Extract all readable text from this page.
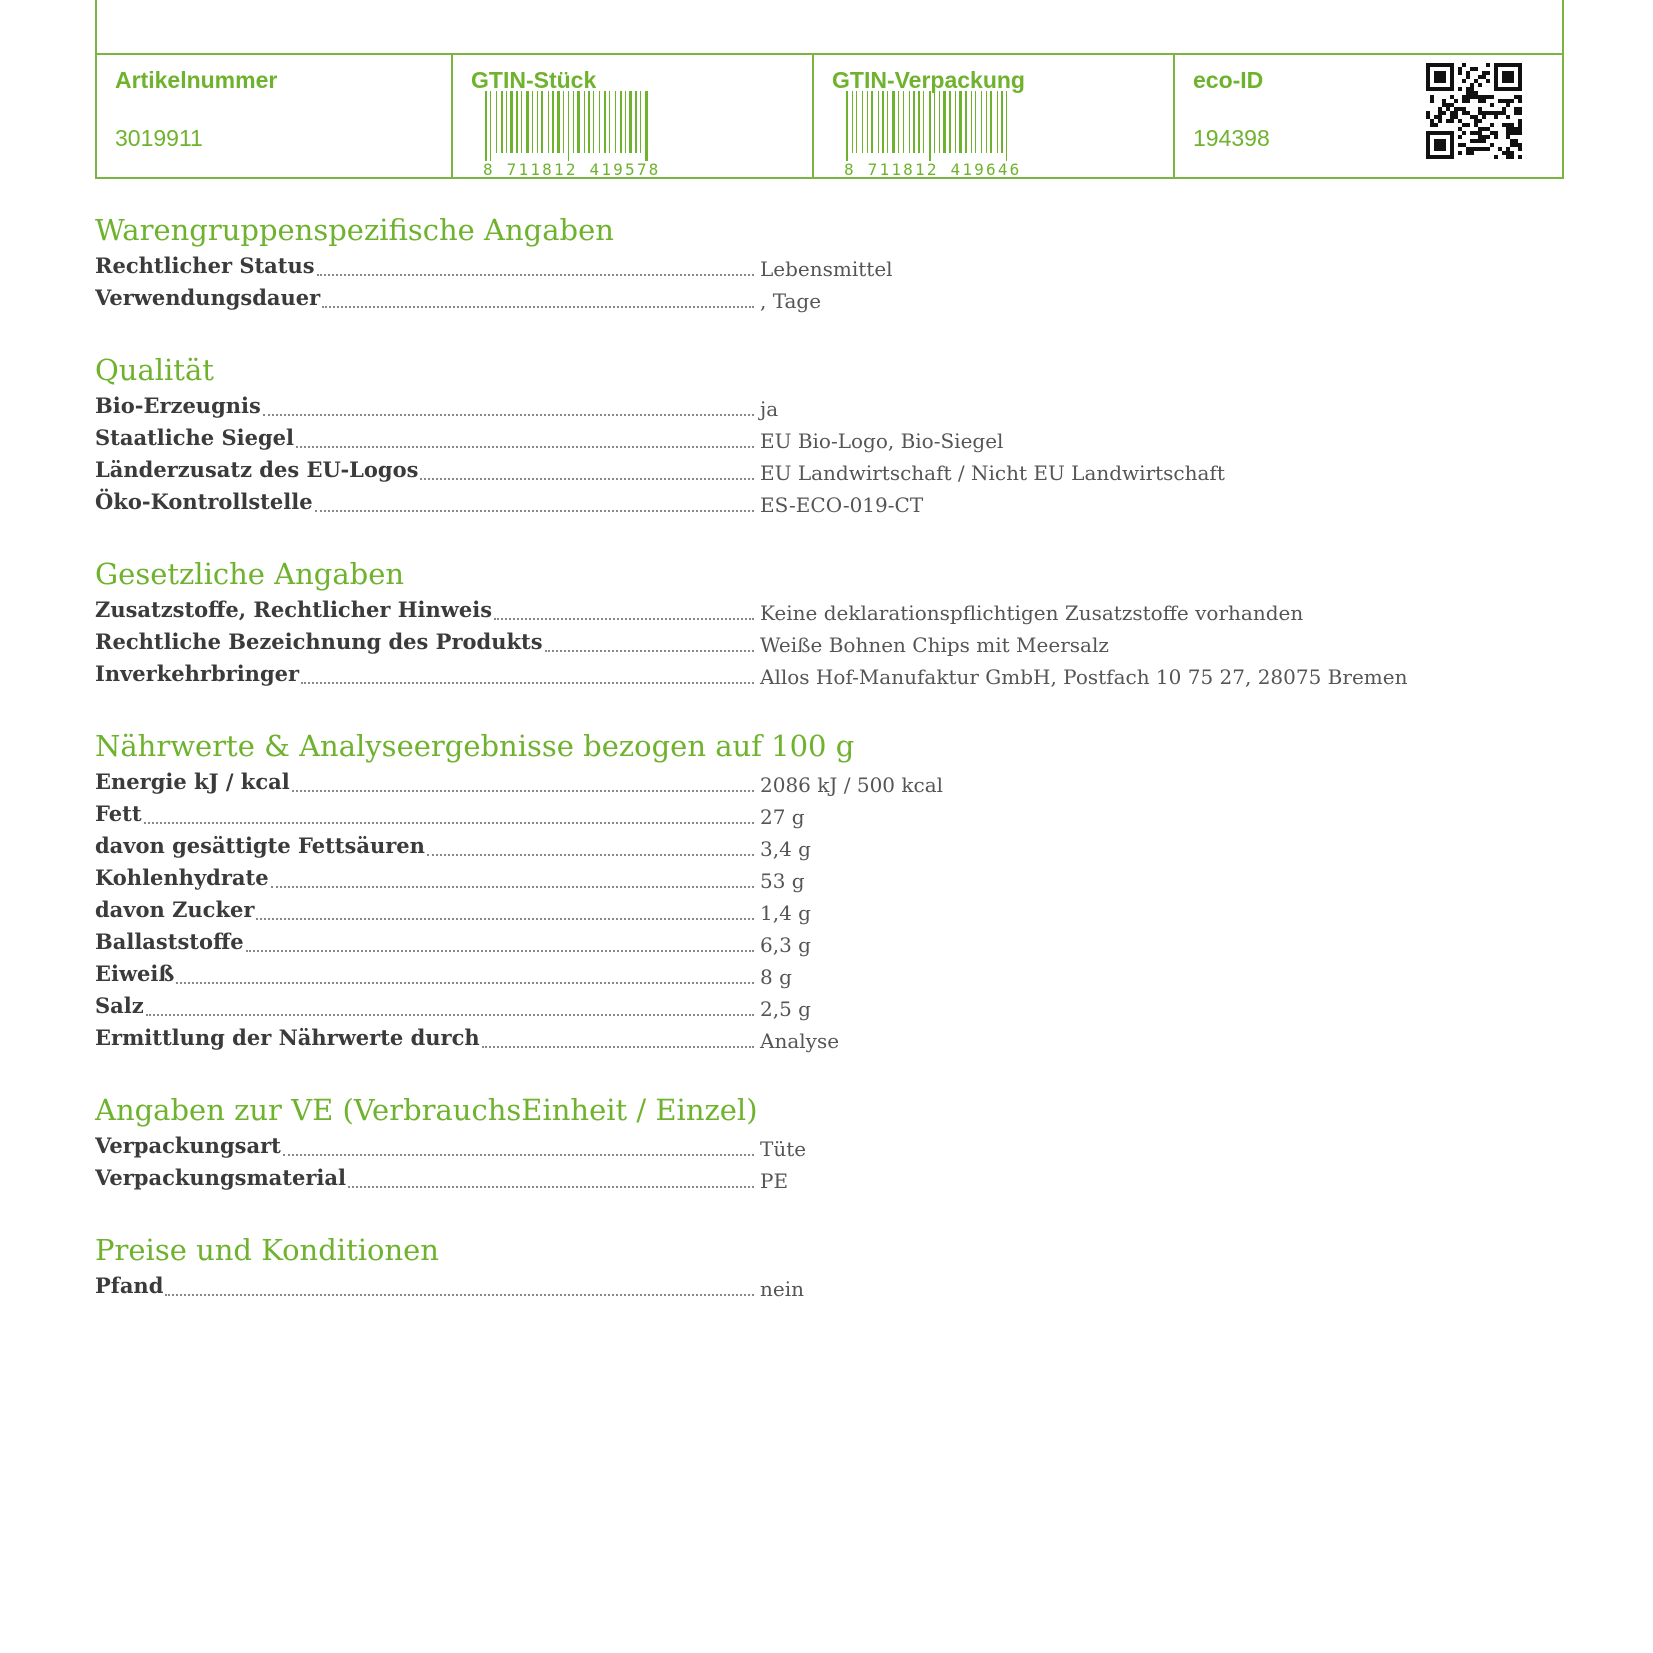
Artikelnummer
3019911
GTIN-Stück
8 711812 419578
GTIN-Verpackung
8 711812 419646
eco-ID
194398
Warengruppenspezifische Angaben
Rechtlicher Status	Lebensmittel
Verwendungsdauer	, Tage
Qualität
Bio-Erzeugnis	ja
Staatliche Siegel	EU Bio-Logo, Bio-Siegel
Länderzusatz des EU-Logos	EU Landwirtschaft / Nicht EU Landwirtschaft
Öko-Kontrollstelle	ES-ECO-019-CT
Gesetzliche Angaben
Zusatzstoffe, Rechtlicher Hinweis	Keine deklarationspflichtigen Zusatzstoffe vorhanden
Rechtliche Bezeichnung des Produkts	Weiße Bohnen Chips mit Meersalz
Inverkehrbringer	Allos Hof-Manufaktur GmbH, Postfach 10 75 27, 28075 Bremen
Nährwerte & Analyseergebnisse bezogen auf 100 g
Energie kJ / kcal	2086 kJ / 500 kcal
Fett	27 g
davon gesättigte Fettsäuren	3,4 g
Kohlenhydrate	53 g
davon Zucker	1,4 g
Ballaststoffe	6,3 g
Eiweiß	8 g
Salz	2,5 g
Ermittlung der Nährwerte durch	Analyse
Angaben zur VE (VerbrauchsEinheit / Einzel)
Verpackungsart	Tüte
Verpackungsmaterial	PE
Preise und Konditionen
Pfand	nein
